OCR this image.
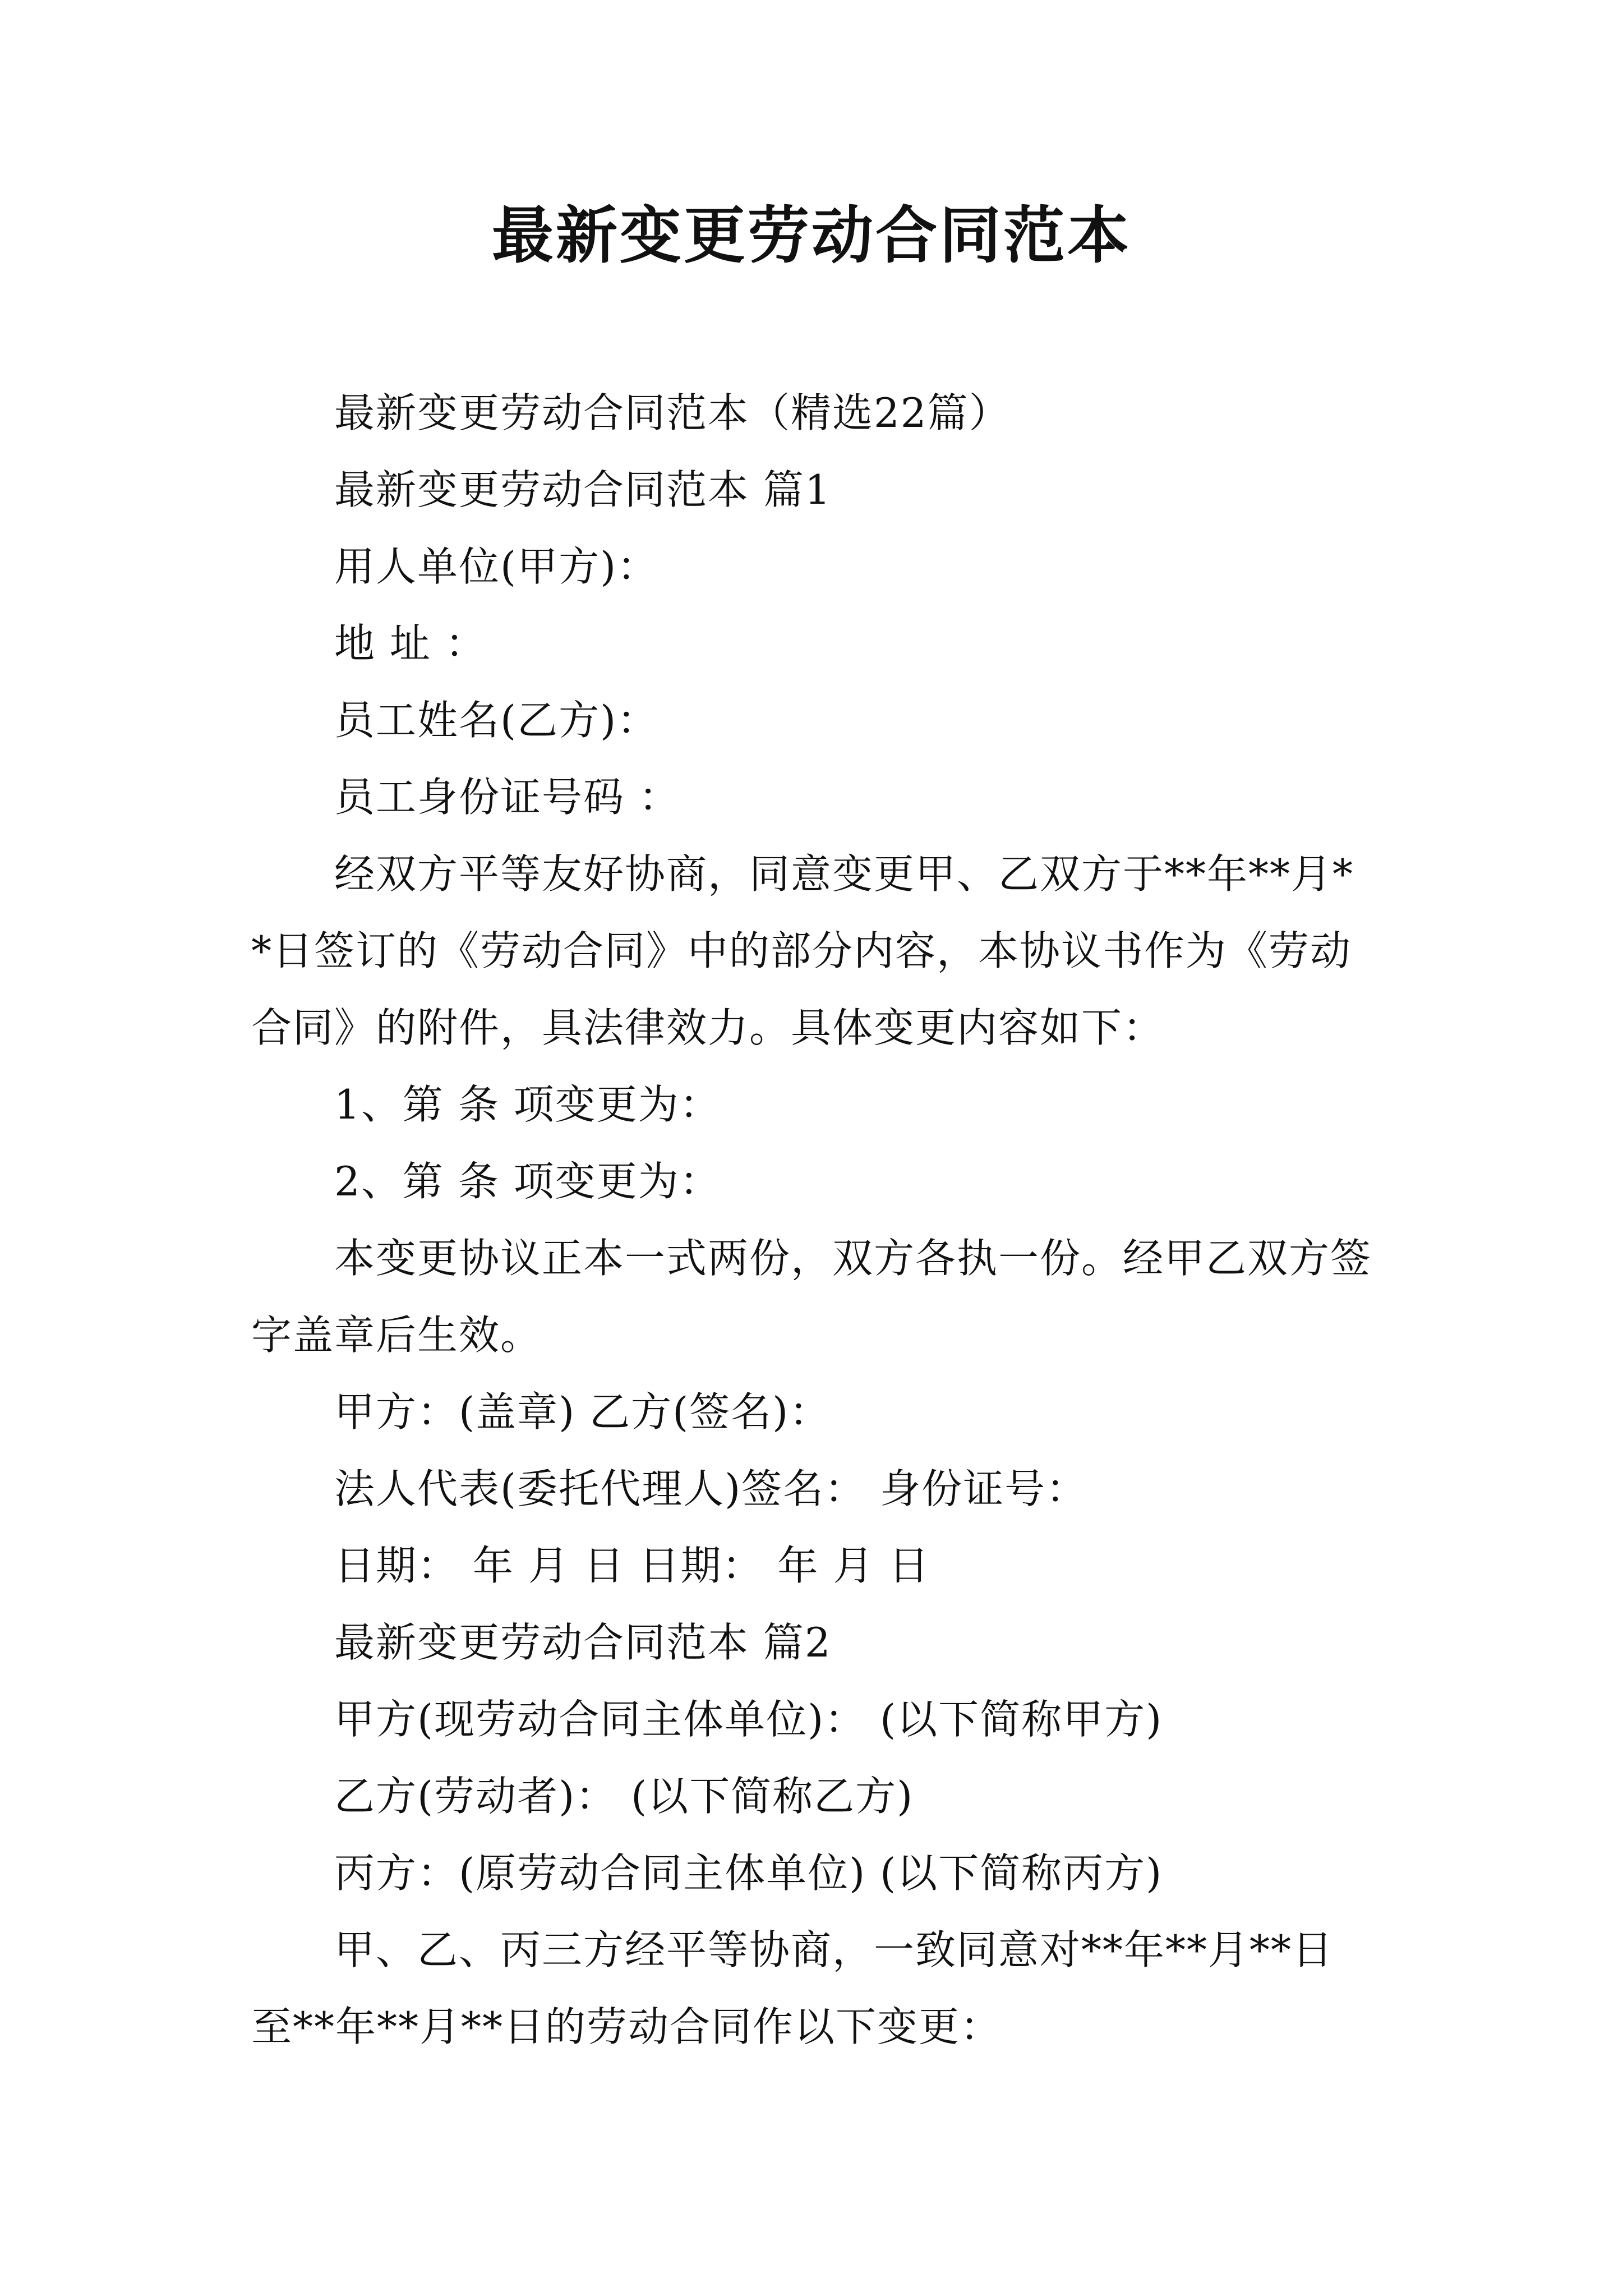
最新变更劳动合同范本

最新变更劳动合同范本（精选22篇）

最新变更劳动合同范本 篇1

用人单位(甲方)：

地 址 ：

员工姓名(乙方)：

员工身份证号码 ：

经双方平等友好协商，同意变更甲、乙双方于**年**月**日签订的《劳动合同》中的部分内容，本协议书作为《劳动合同》的附件，具法律效力。具体变更内容如下：

1、第 条 项变更为：

2、第 条 项变更为：

本变更协议正本一式两份，双方各执一份。经甲乙双方签字盖章后生效。

甲方：(盖章) 乙方(签名)：

法人代表(委托代理人)签名： 身份证号：

日期： 年 月 日 日期： 年 月 日

最新变更劳动合同范本 篇2

甲方(现劳动合同主体单位)： (以下简称甲方)

乙方(劳动者)： (以下简称乙方)

丙方：(原劳动合同主体单位) (以下简称丙方)

甲、乙、丙三方经平等协商，一致同意对**年**月**日至**年**月**日的劳动合同作以下变更：
